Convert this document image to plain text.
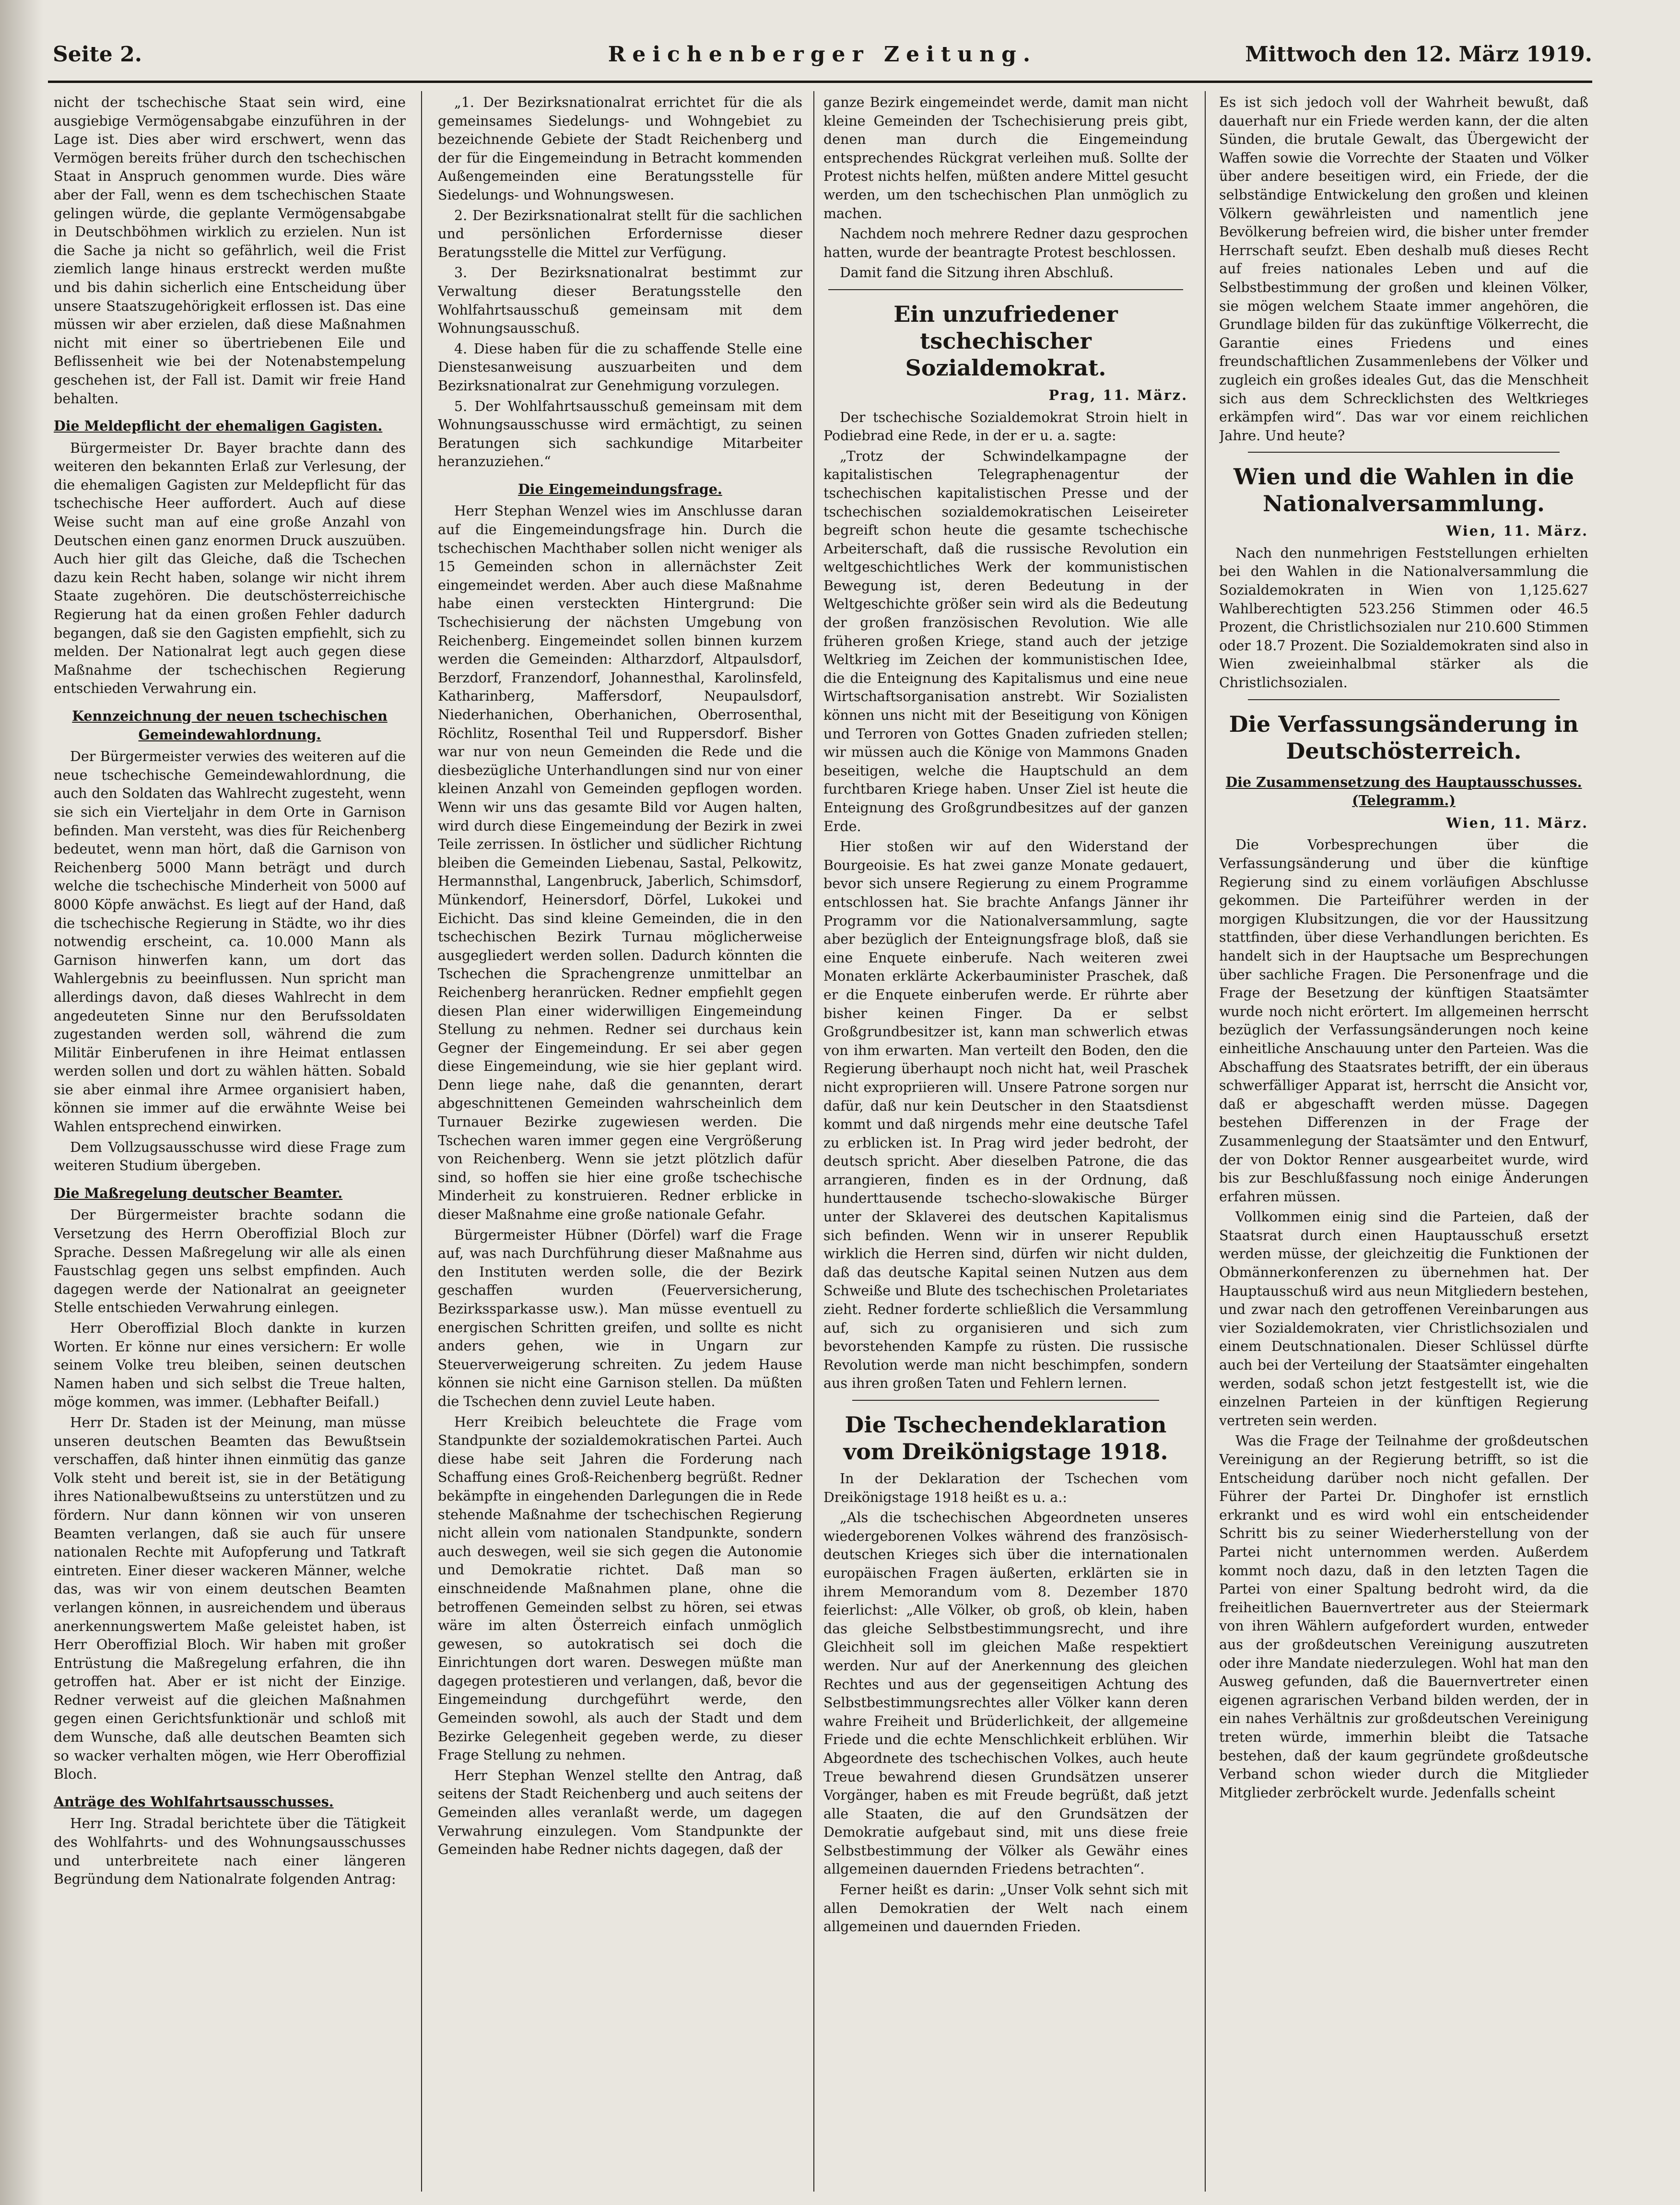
Seite 2.	Reichenberger Zeitung.	Mittwoch den 12. März 1919.

nicht der tschechische Staat sein wird, eine ausgiebige Vermögensabgabe einzuführen in der Lage ist. Dies aber wird erschwert, wenn das Vermögen bereits früher durch den tschechischen Staat in Anspruch genommen wurde. Dies wäre aber der Fall, wenn es dem tschechischen Staate gelingen würde, die geplante Vermögensabgabe in Deutschböhmen wirklich zu erzielen. Nun ist die Sache ja nicht so gefährlich, weil die Frist ziemlich lange hinaus erstreckt werden mußte und bis dahin sicherlich eine Entscheidung über unsere Staatszugehörigkeit erflossen ist. Das eine müssen wir aber erzielen, daß diese Maßnahmen nicht mit einer so übertriebenen Eile und Beflissenheit wie bei der Notenabstempelung geschehen ist, der Fall ist. Damit wir freie Hand behalten.

Die Meldepflicht der ehemaligen Gagisten.

Bürgermeister Dr. Bayer brachte dann des weiteren den bekannten Erlaß zur Verlesung, der die ehemaligen Gagisten zur Meldepflicht für das tschechische Heer auffordert. Auch auf diese Weise sucht man auf eine große Anzahl von Deutschen einen ganz enormen Druck auszuüben. Auch hier gilt das Gleiche, daß die Tschechen dazu kein Recht haben, solange wir nicht ihrem Staate zugehören. Die deutschösterreichische Regierung hat da einen großen Fehler dadurch begangen, daß sie den Gagisten empfiehlt, sich zu melden. Der Nationalrat legt auch gegen diese Maßnahme der tschechischen Regierung entschieden Verwahrung ein.

Kennzeichnung der neuen tschechischen Gemeindewahlordnung.

Der Bürgermeister verwies des weiteren auf die neue tschechische Gemeindewahlordnung, die auch den Soldaten das Wahlrecht zugesteht, wenn sie sich ein Vierteljahr in dem Orte in Garnison befinden. Man versteht, was dies für Reichenberg bedeutet, wenn man hört, daß die Garnison von Reichenberg 5000 Mann beträgt und durch welche die tschechische Minderheit von 5000 auf 8000 Köpfe anwächst. Es liegt auf der Hand, daß die tschechische Regierung in Städte, wo ihr dies notwendig erscheint, ca. 10.000 Mann als Garnison hinwerfen kann, um dort das Wahlergebnis zu beeinflussen. Nun spricht man allerdings davon, daß dieses Wahlrecht in dem angedeuteten Sinne nur den Berufssoldaten zugestanden werden soll, während die zum Militär Einberufenen in ihre Heimat entlassen werden sollen und dort zu wählen hätten. Sobald sie aber einmal ihre Armee organisiert haben, können sie immer auf die erwähnte Weise bei Wahlen entsprechend einwirken.

Dem Vollzugsausschusse wird diese Frage zum weiteren Studium übergeben.

Die Maßregelung deutscher Beamter.

Der Bürgermeister brachte sodann die Versetzung des Herrn Oberoffizial Bloch zur Sprache. Dessen Maßregelung wir alle als einen Faustschlag gegen uns selbst empfinden. Auch dagegen werde der Nationalrat an geeigneter Stelle entschieden Verwahrung einlegen.

Herr Oberoffizial Bloch dankte in kurzen Worten. Er könne nur eines versichern: Er wolle seinem Volke treu bleiben, seinen deutschen Namen haben und sich selbst die Treue halten, möge kommen, was immer. (Lebhafter Beifall.)

Herr Dr. Staden ist der Meinung, man müsse unseren deutschen Beamten das Bewußtsein verschaffen, daß hinter ihnen einmütig das ganze Volk steht und bereit ist, sie in der Betätigung ihres Nationalbewußtseins zu unterstützen und zu fördern. Nur dann können wir von unseren Beamten verlangen, daß sie auch für unsere nationalen Rechte mit Aufopferung und Tatkraft eintreten. Einer dieser wackeren Männer, welche das, was wir von einem deutschen Beamten verlangen können, in ausreichendem und überaus anerkennungswertem Maße geleistet haben, ist Herr Oberoffizial Bloch. Wir haben mit großer Entrüstung die Maßregelung erfahren, die ihn getroffen hat. Aber er ist nicht der Einzige. Redner verweist auf die gleichen Maßnahmen gegen einen Gerichtsfunktionär und schloß mit dem Wunsche, daß alle deutschen Beamten sich so wacker verhalten mögen, wie Herr Oberoffizial Bloch.

Anträge des Wohlfahrtsausschusses.

Herr Ing. Stradal berichtete über die Tätigkeit des Wohlfahrts- und des Wohnungsausschusses und unterbreitete nach einer längeren Begründung dem Nationalrate folgenden Antrag:

„1. Der Bezirksnationalrat errichtet für die als gemeinsames Siedelungs- und Wohngebiet zu bezeichnende Gebiete der Stadt Reichenberg und der für die Eingemeindung in Betracht kommenden Außengemeinden eine Beratungsstelle für Siedelungs- und Wohnungswesen.

2. Der Bezirksnationalrat stellt für die sachlichen und persönlichen Erfordernisse dieser Beratungsstelle die Mittel zur Verfügung.

3. Der Bezirksnationalrat bestimmt zur Verwaltung dieser Beratungsstelle den Wohlfahrtsausschuß gemeinsam mit dem Wohnungsausschuß.

4. Diese haben für die zu schaffende Stelle eine Dienstesanweisung auszuarbeiten und dem Bezirksnationalrat zur Genehmigung vorzulegen.

5. Der Wohlfahrtsausschuß gemeinsam mit dem Wohnungsausschusse wird ermächtigt, zu seinen Beratungen sich sachkundige Mitarbeiter heranzuziehen.“

Die Eingemeindungsfrage.

Herr Stephan Wenzel wies im Anschlusse daran auf die Eingemeindungsfrage hin. Durch die tschechischen Machthaber sollen nicht weniger als 15 Gemeinden schon in allernächster Zeit eingemeindet werden. Aber auch diese Maßnahme habe einen versteckten Hintergrund: Die Tschechisierung der nächsten Umgebung von Reichenberg. Eingemeindet sollen binnen kurzem werden die Gemeinden: Altharzdorf, Altpaulsdorf, Berzdorf, Franzendorf, Johannesthal, Karolinsfeld, Katharinberg, Maffersdorf, Neupaulsdorf, Niederhanichen, Oberhanichen, Oberrosenthal, Röchlitz, Rosenthal Teil und Ruppersdorf. Bisher war nur von neun Gemeinden die Rede und die diesbezügliche Unterhandlungen sind nur von einer kleinen Anzahl von Gemeinden gepflogen worden. Wenn wir uns das gesamte Bild vor Augen halten, wird durch diese Eingemeindung der Bezirk in zwei Teile zerrissen. In östlicher und südlicher Richtung bleiben die Gemeinden Liebenau, Sastal, Pelkowitz, Hermannsthal, Langenbruck, Jaberlich, Schimsdorf, Münkendorf, Heinersdorf, Dörfel, Lukokei und Eichicht. Das sind kleine Gemeinden, die in den tschechischen Bezirk Turnau möglicherweise ausgegliedert werden sollen. Dadurch könnten die Tschechen die Sprachengrenze unmittelbar an Reichenberg heranrücken. Redner empfiehlt gegen diesen Plan einer widerwilligen Eingemeindung Stellung zu nehmen. Redner sei durchaus kein Gegner der Eingemeindung. Er sei aber gegen diese Eingemeindung, wie sie hier geplant wird. Denn liege nahe, daß die genannten, derart abgeschnittenen Gemeinden wahrscheinlich dem Turnauer Bezirke zugewiesen werden. Die Tschechen waren immer gegen eine Vergrößerung von Reichenberg. Wenn sie jetzt plötzlich dafür sind, so hoffen sie hier eine große tschechische Minderheit zu konstruieren. Redner erblicke in dieser Maßnahme eine große nationale Gefahr.

Bürgermeister Hübner (Dörfel) warf die Frage auf, was nach Durchführung dieser Maßnahme aus den Instituten werden solle, die der Bezirk geschaffen wurden (Feuerversicherung, Bezirkssparkasse usw.). Man müsse eventuell zu energischen Schritten greifen, und sollte es nicht anders gehen, wie in Ungarn zur Steuerverweigerung schreiten. Zu jedem Hause können sie nicht eine Garnison stellen. Da müßten die Tschechen denn zuviel Leute haben.

Herr Kreibich beleuchtete die Frage vom Standpunkte der sozialdemokratischen Partei. Auch diese habe seit Jahren die Forderung nach Schaffung eines Groß-Reichenberg begrüßt. Redner bekämpfte in eingehenden Darlegungen die in Rede stehende Maßnahme der tschechischen Regierung nicht allein vom nationalen Standpunkte, sondern auch deswegen, weil sie sich gegen die Autonomie und Demokratie richtet. Daß man so einschneidende Maßnahmen plane, ohne die betroffenen Gemeinden selbst zu hören, sei etwas wäre im alten Österreich einfach unmöglich gewesen, so autokratisch sei doch die Einrichtungen dort waren. Deswegen müßte man dagegen protestieren und verlangen, daß, bevor die Eingemeindung durchgeführt werde, den Gemeinden sowohl, als auch der Stadt und dem Bezirke Gelegenheit gegeben werde, zu dieser Frage Stellung zu nehmen.

Herr Stephan Wenzel stellte den Antrag, daß seitens der Stadt Reichenberg und auch seitens der Gemeinden alles veranlaßt werde, um dagegen Verwahrung einzulegen. Vom Standpunkte der Gemeinden habe Redner nichts dagegen, daß der

ganze Bezirk eingemeindet werde, damit man nicht kleine Gemeinden der Tschechisierung preis gibt, denen man durch die Eingemeindung entsprechendes Rückgrat verleihen muß. Sollte der Protest nichts helfen, müßten andere Mittel gesucht werden, um den tschechischen Plan unmöglich zu machen.

Nachdem noch mehrere Redner dazu gesprochen hatten, wurde der beantragte Protest beschlossen.

Damit fand die Sitzung ihren Abschluß.

Ein unzufriedener tschechischer Sozialdemokrat.
Prag, 11. März.

Der tschechische Sozialdemokrat Stroin hielt in Podiebrad eine Rede, in der er u. a. sagte:

„Trotz der Schwindelkampagne der kapitalistischen Telegraphenagentur der tschechischen kapitalistischen Presse und der tschechischen sozialdemokratischen Leiseireter begreift schon heute die gesamte tschechische Arbeiterschaft, daß die russische Revolution ein weltgeschichtliches Werk der kommunistischen Bewegung ist, deren Bedeutung in der Weltgeschichte größer sein wird als die Bedeutung der großen französischen Revolution. Wie alle früheren großen Kriege, stand auch der jetzige Weltkrieg im Zeichen der kommunistischen Idee, die die Enteignung des Kapitalismus und eine neue Wirtschaftsorganisation anstrebt. Wir Sozialisten können uns nicht mit der Beseitigung von Königen und Terroren von Gottes Gnaden zufrieden stellen; wir müssen auch die Könige von Mammons Gnaden beseitigen, welche die Hauptschuld an dem furchtbaren Kriege haben. Unser Ziel ist heute die Enteignung des Großgrundbesitzes auf der ganzen Erde.

Hier stoßen wir auf den Widerstand der Bourgeoisie. Es hat zwei ganze Monate gedauert, bevor sich unsere Regierung zu einem Programme entschlossen hat. Sie brachte Anfangs Jänner ihr Programm vor die Nationalversammlung, sagte aber bezüglich der Enteignungsfrage bloß, daß sie eine Enquete einberufe. Nach weiteren zwei Monaten erklärte Ackerbauminister Praschek, daß er die Enquete einberufen werde. Er rührte aber bisher keinen Finger. Da er selbst Großgrundbesitzer ist, kann man schwerlich etwas von ihm erwarten. Man verteilt den Boden, den die Regierung überhaupt noch nicht hat, weil Praschek nicht expropriieren will. Unsere Patrone sorgen nur dafür, daß nur kein Deutscher in den Staatsdienst kommt und daß nirgends mehr eine deutsche Tafel zu erblicken ist. In Prag wird jeder bedroht, der deutsch spricht. Aber dieselben Patrone, die das arrangieren, finden es in der Ordnung, daß hunderttausende tschecho-slowakische Bürger unter der Sklaverei des deutschen Kapitalismus sich befinden. Wenn wir in unserer Republik wirklich die Herren sind, dürfen wir nicht dulden, daß das deutsche Kapital seinen Nutzen aus dem Schweiße und Blute des tschechischen Proletariates zieht. Redner forderte schließlich die Versammlung auf, sich zu organisieren und sich zum bevorstehenden Kampfe zu rüsten. Die russische Revolution werde man nicht beschimpfen, sondern aus ihren großen Taten und Fehlern lernen.

Die Tschechendeklaration vom Dreikönigstage 1918.

In der Deklaration der Tschechen vom Dreikönigstage 1918 heißt es u. a.:

„Als die tschechischen Abgeordneten unseres wiedergeborenen Volkes während des französisch-deutschen Krieges sich über die internationalen europäischen Fragen äußerten, erklärten sie in ihrem Memorandum vom 8. Dezember 1870 feierlichst: „Alle Völker, ob groß, ob klein, haben das gleiche Selbstbestimmungsrecht, und ihre Gleichheit soll im gleichen Maße respektiert werden. Nur auf der Anerkennung des gleichen Rechtes und aus der gegenseitigen Achtung des Selbstbestimmungsrechtes aller Völker kann deren wahre Freiheit und Brüderlichkeit, der allgemeine Friede und die echte Menschlichkeit erblühen. Wir Abgeordnete des tschechischen Volkes, auch heute Treue bewahrend diesen Grundsätzen unserer Vorgänger, haben es mit Freude begrüßt, daß jetzt alle Staaten, die auf den Grundsätzen der Demokratie aufgebaut sind, mit uns diese freie Selbstbestimmung der Völker als Gewähr eines allgemeinen dauernden Friedens betrachten“.

Ferner heißt es darin: „Unser Volk sehnt sich mit allen Demokratien der Welt nach einem allgemeinen und dauernden Frieden.

Es ist sich jedoch voll der Wahrheit bewußt, daß dauerhaft nur ein Friede werden kann, der die alten Sünden, die brutale Gewalt, das Übergewicht der Waffen sowie die Vorrechte der Staaten und Völker über andere beseitigen wird, ein Friede, der die selbständige Entwickelung den großen und kleinen Völkern gewährleisten und namentlich jene Bevölkerung befreien wird, die bisher unter fremder Herrschaft seufzt. Eben deshalb muß dieses Recht auf freies nationales Leben und auf die Selbstbestimmung der großen und kleinen Völker, sie mögen welchem Staate immer angehören, die Grundlage bilden für das zukünftige Völkerrecht, die Garantie eines Friedens und eines freundschaftlichen Zusammenlebens der Völker und zugleich ein großes ideales Gut, das die Menschheit sich aus dem Schrecklichsten des Weltkrieges erkämpfen wird“. Das war vor einem reichlichen Jahre. Und heute?

Wien und die Wahlen in die Nationalversammlung.
Wien, 11. März.

Nach den nunmehrigen Feststellungen erhielten bei den Wahlen in die Nationalversammlung die Sozialdemokraten in Wien von 1,125.627 Wahlberechtigten 523.256 Stimmen oder 46.5 Prozent, die Christlichsozialen nur 210.600 Stimmen oder 18.7 Prozent. Die Sozialdemokraten sind also in Wien zweieinhalbmal stärker als die Christlichsozialen.

Die Verfassungsänderung in Deutschösterreich.

Die Zusammensetzung des Hauptausschusses. (Telegramm.)

Wien, 11. März.

Die Vorbesprechungen über die Verfassungsänderung und über die künftige Regierung sind zu einem vorläufigen Abschlusse gekommen. Die Parteiführer werden in der morgigen Klubsitzungen, die vor der Haussitzung stattfinden, über diese Verhandlungen berichten. Es handelt sich in der Hauptsache um Besprechungen über sachliche Fragen. Die Personenfrage und die Frage der Besetzung der künftigen Staatsämter wurde noch nicht erörtert. Im allgemeinen herrscht bezüglich der Verfassungsänderungen noch keine einheitliche Anschauung unter den Parteien. Was die Abschaffung des Staatsrates betrifft, der ein überaus schwerfälliger Apparat ist, herrscht die Ansicht vor, daß er abgeschafft werden müsse. Dagegen bestehen Differenzen in der Frage der Zusammenlegung der Staatsämter und den Entwurf, der von Doktor Renner ausgearbeitet wurde, wird bis zur Beschlußfassung noch einige Änderungen erfahren müssen.

Vollkommen einig sind die Parteien, daß der Staatsrat durch einen Hauptausschuß ersetzt werden müsse, der gleichzeitig die Funktionen der Obmännerkonferenzen zu übernehmen hat. Der Hauptausschuß wird aus neun Mitgliedern bestehen, und zwar nach den getroffenen Vereinbarungen aus vier Sozialdemokraten, vier Christlichsozialen und einem Deutschnationalen. Dieser Schlüssel dürfte auch bei der Verteilung der Staatsämter eingehalten werden, sodaß schon jetzt festgestellt ist, wie die einzelnen Parteien in der künftigen Regierung vertreten sein werden.

Was die Frage der Teilnahme der großdeutschen Vereinigung an der Regierung betrifft, so ist die Entscheidung darüber noch nicht gefallen. Der Führer der Partei Dr. Dinghofer ist ernstlich erkrankt und es wird wohl ein entscheidender Schritt bis zu seiner Wiederherstellung von der Partei nicht unternommen werden. Außerdem kommt noch dazu, daß in den letzten Tagen die Partei von einer Spaltung bedroht wird, da die freiheitlichen Bauernvertreter aus der Steiermark von ihren Wählern aufgefordert wurden, entweder aus der großdeutschen Vereinigung auszutreten oder ihre Mandate niederzulegen. Wohl hat man den Ausweg gefunden, daß die Bauernvertreter einen eigenen agrarischen Verband bilden werden, der in ein nahes Verhältnis zur großdeutschen Vereinigung treten würde, immerhin bleibt die Tatsache bestehen, daß der kaum gegründete großdeutsche Verband schon wieder durch die Mitglieder Mitglieder zerbröckelt wurde. Jedenfalls scheint
